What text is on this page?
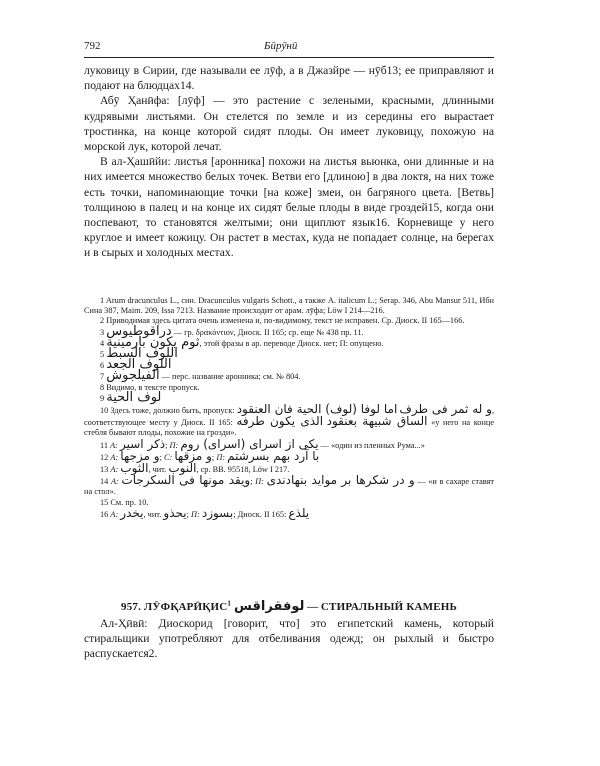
792	Бӣрӯнӣ

луковицу в Сирии, где называли ее лӯф, а в Джазйре — нӯб13; ее приправляют и подают на блюдцах14.

Абӯ Ҳанӣфа: [лӯф] — это растение с зелеными, красными, длинными кудрявыми листьями. Он стелется по земле и из середины его вырастает тростинка, на конце которой сидят плоды. Он имеет луковицу, похожую на морской лук, которой лечат.

В ал-Ҳашӣйи: листья [аронника] похожи на листья вьюнка, они длинные и на них имеется множество белых точек. Ветви его [длиною] в два локтя, на них тоже есть точки, напоминающие точки [на коже] змеи, он багряного цвета. [Ветвь] толщиною в палец и на конце их сидят белые плоды в виде гроздей15, когда они поспевают, то становятся желтыми; они щиплют язык16. Корневище у него круглое и имеет кожицу. Он растет в местах, куда не попадает солнце, на берегах и в сырых и холодных местах.

1 Arum dracunculus L., син. Dracunculus vulgaris Schott., а также A. italicum L.; Serap. 346, Abu Mansur 511, Ибн Сина 387, Maim. 209, Issa 7213. Название происходит от арам. лӯфа; Löw I 214—216.

2 Приводимая здесь цитата очень изменена и, по-видимому, текст не исправен. Ср. Диоск. II 165—166.

3 دراقوطيوس — гр. δρακόντιον, Диоск. II 165; ср. еще № 438 пр. 11.

4 ثوم يكون بارمينية, этой фразы в ар. переводе Диоск. нет; П: опущено.

5 اللوف السبط

6 اللوف الجعد

7 الفيلجوش — перс. название аронника; см. № 804.

8 Видимо, в тексте пропуск.

9 لوف الحية

10 Здесь тоже, должно быть, пропуск: اما لوفا (لوف) الحية فان العنقود و له ثمر فى طرف, соответствующее месту у Диоск. II 165: الذى يكون طرفه الساق شبيهة بعنقود «у него на конце стебля бывают плоды, похожие на грозди».

11 A: ذكر اسير; П: يكى از اسراى (اسراى) روم — «один из пленных Рума...»

12 A: و مزجها; C: و مزقها; П: با آرد بهم بسرشتم

13 A: الثوب, чит. النوب, ср. ВВ. 95518, Löw I 217.

14 A: ويقد مونها فى السكرجات; П: و در شكرها بر موايد بنهادندى — «и в сахаре ставят на стол».

15 См. пр. 10.

16 A: يخدر, чит. يحذو; П: بسوزد; Диоск. II 165: يلذع

957. ЛӮФҚАРӢҚИС$^1$ لوفقراقس — СТИРАЛЬНЫЙ КАМЕНЬ

Ал-Ҳӣвӣ: Диоскорид [говорит, что] это египетский камень, который стиральщики употребляют для отбеливания одежд; он рыхлый и быстро распускается2.
